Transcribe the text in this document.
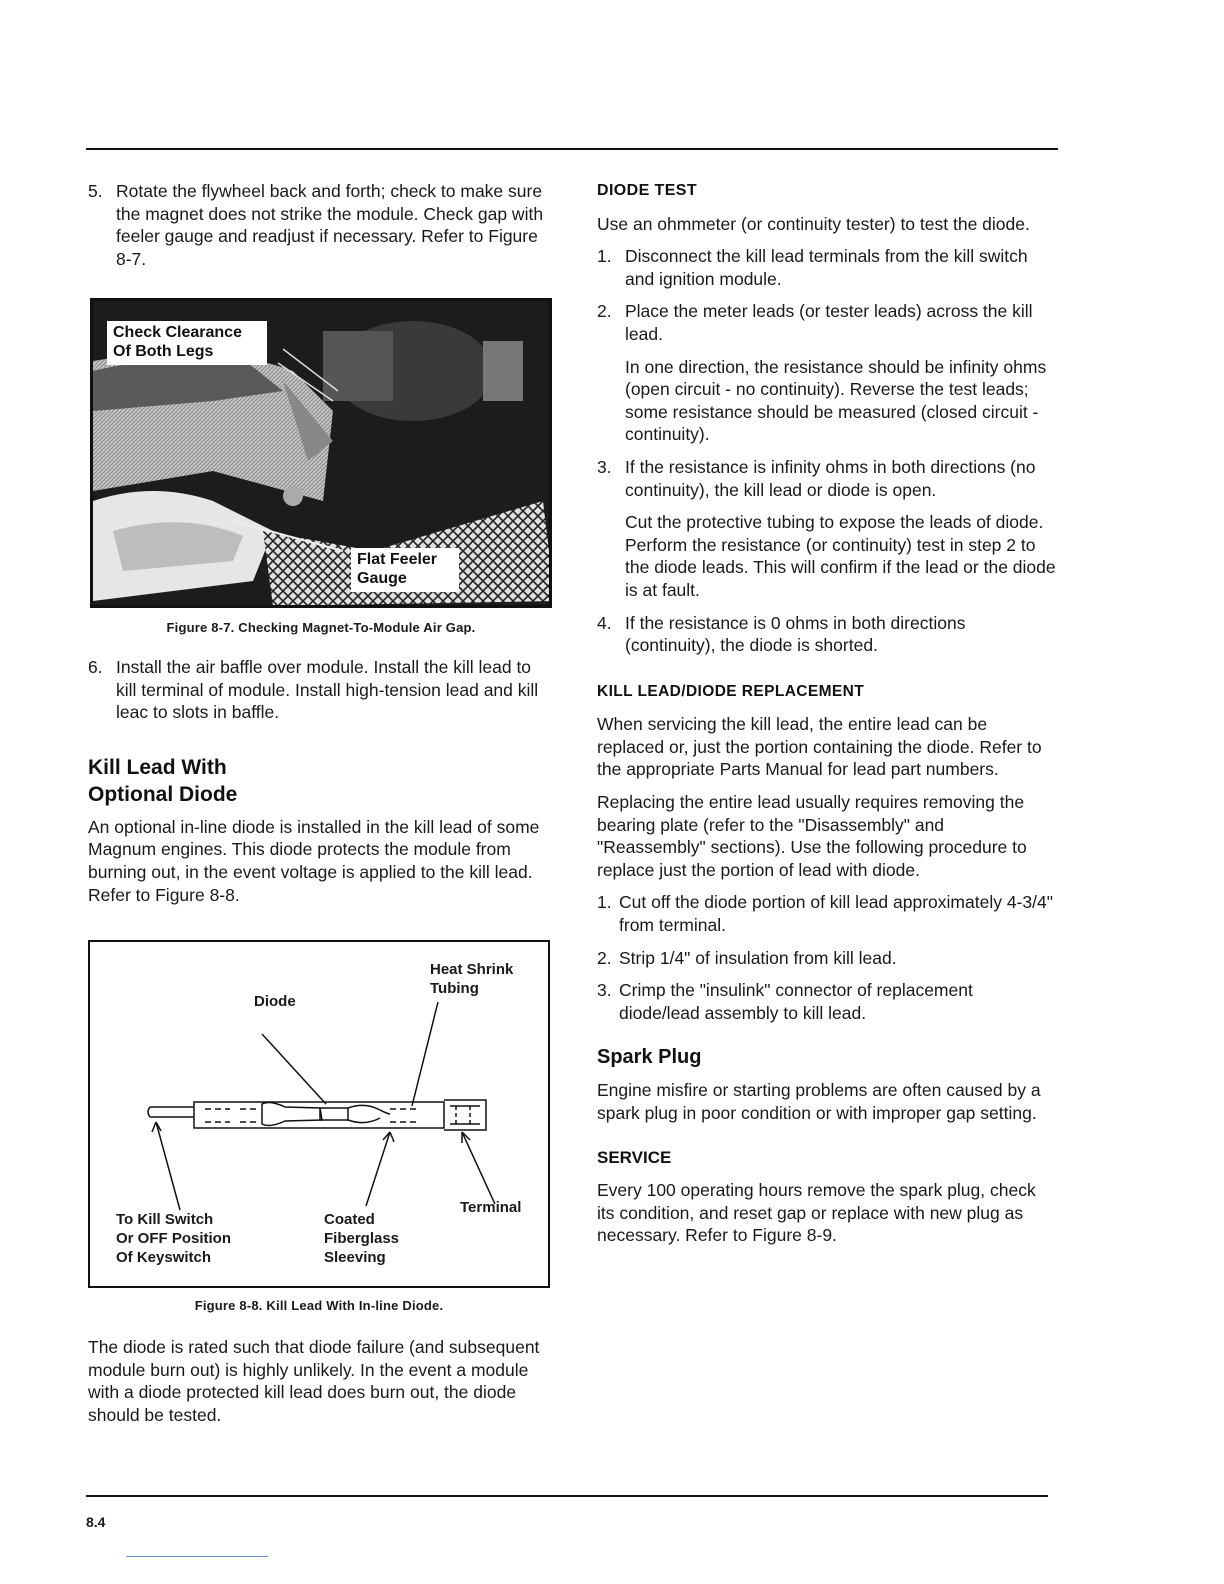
5. Rotate the flywheel back and forth; check to make sure the magnet does not strike the module. Check gap with feeler gauge and readjust if necessary. Refer to Figure 8-7.
Check Clearance Of Both Legs
Flat Feeler Gauge
Figure 8-7. Checking Magnet-To-Module Air Gap.
6. Install the air baffle over module. Install the kill lead to kill terminal of module. Install high-tension lead and kill leac to slots in baffle.
Kill Lead With
Optional Diode

An optional in-line diode is installed in the kill lead of some Magnum engines. This diode protects the module from burning out, in the event voltage is applied to the kill lead. Refer to Figure 8-8.

Heat Shrink
Tubing
Diode
Terminal
To Kill Switch
Or OFF Position
Of Keyswitch
Coated
Fiberglass
Sleeving
Figure 8-8. Kill Lead With In-line Diode.

The diode is rated such that diode failure (and subsequent module burn out) is highly unlikely. In the event a module with a diode protected kill lead does burn out, the diode should be tested.

DIODE TEST

Use an ohmmeter (or continuity tester) to test the diode.

1. Disconnect the kill lead terminals from the kill switch and ignition module.
2. Place the meter leads (or tester leads) across the kill lead.
In one direction, the resistance should be infinity ohms (open circuit - no continuity). Reverse the test leads; some resistance should be measured (closed circuit - continuity).
3. If the resistance is infinity ohms in both directions (no continuity), the kill lead or diode is open.
Cut the protective tubing to expose the leads of diode. Perform the resistance (or continuity) test in step 2 to the diode leads. This will confirm if the lead or the diode is at fault.
4. If the resistance is 0 ohms in both directions (continuity), the diode is shorted.
KILL LEAD/DIODE REPLACEMENT

When servicing the kill lead, the entire lead can be replaced or, just the portion containing the diode. Refer to the appropriate Parts Manual for lead part numbers.

Replacing the entire lead usually requires removing the bearing plate (refer to the "Disassembly" and "Reassembly" sections). Use the following procedure to replace just the portion of lead with diode.

1. Cut off the diode portion of kill lead approximately 4-3/4" from terminal.
2. Strip 1/4" of insulation from kill lead.
3. Crimp the "insulink" connector of replacement diode/lead assembly to kill lead.
Spark Plug

Engine misfire or starting problems are often caused by a spark plug in poor condition or with improper gap setting.

SERVICE

Every 100 operating hours remove the spark plug, check its condition, and reset gap or replace with new plug as necessary. Refer to Figure 8-9.

8.4
